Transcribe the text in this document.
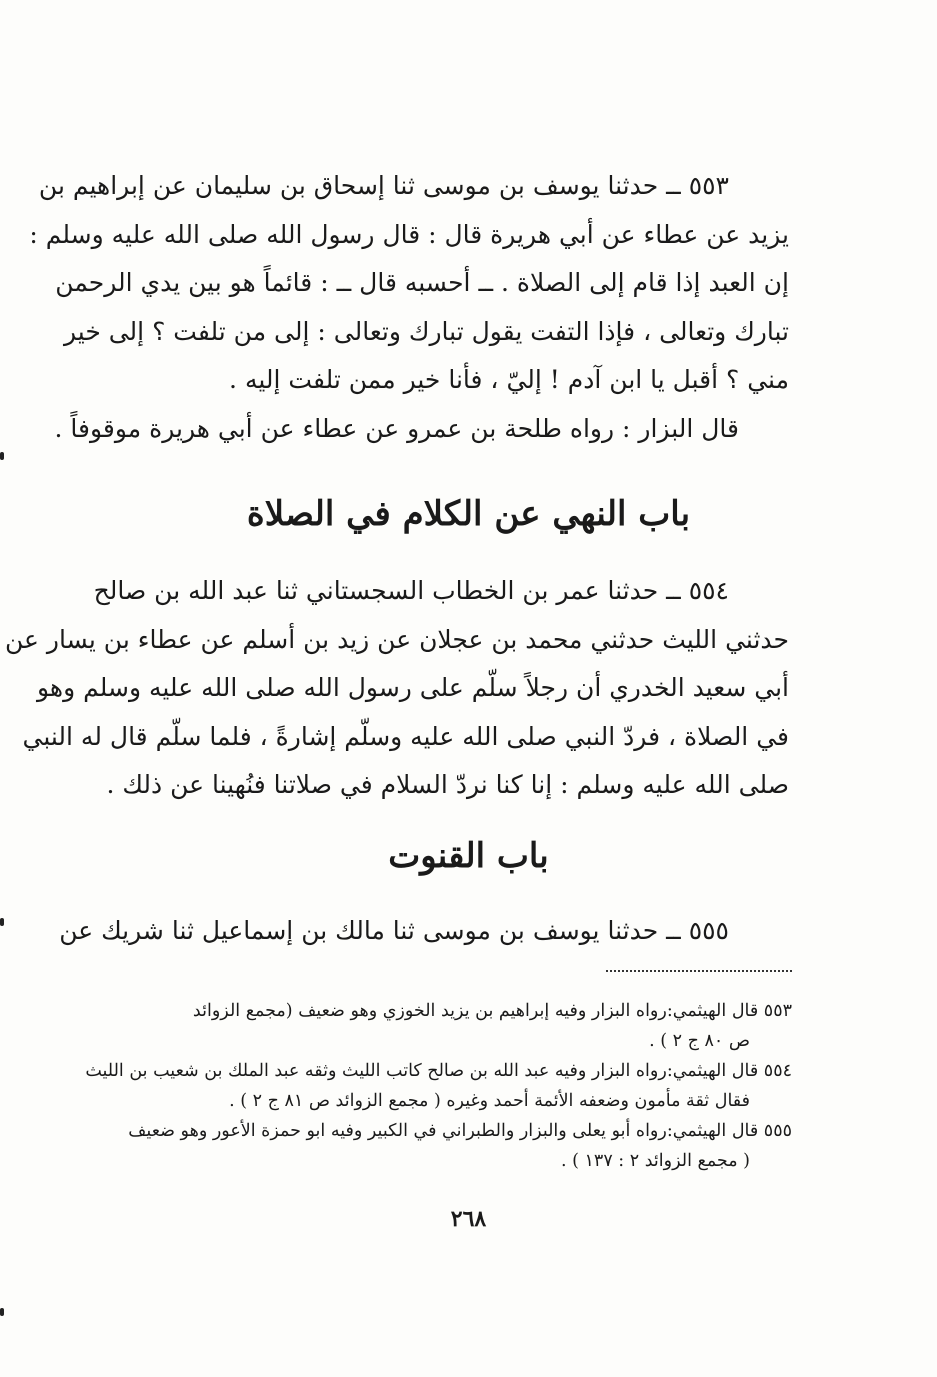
٥٥٣ ــ حدثنا يوسف بن موسى ثنا إسحاق بن سليمان عن إبراهيم بن
يزيد عن عطاء عن أبي هريرة قال : قال رسول الله صلى الله عليه وسلم :
إن العبد إذا قام إلى الصلاة . ــ أحسبه قال ــ : قائماً هو بين يدي الرحمن
تبارك وتعالى ، فإذا التفت يقول تبارك وتعالى : إلى من تلفت ؟ إلى خير
مني ؟ أقبل يا ابن آدم ! إليّ ، فأنا خير ممن تلفت إليه .
قال البزار : رواه طلحة بن عمرو عن عطاء عن أبي هريرة موقوفاً .
باب النهي عن الكلام في الصلاة
٥٥٤ ــ حدثنا عمر بن الخطاب السجستاني ثنا عبد الله بن صالح
حدثني الليث حدثني محمد بن عجلان عن زيد بن أسلم عن عطاء بن يسار عن
أبي سعيد الخدري أن رجلاً سلّم على رسول الله صلى الله عليه وسلم وهو
في الصلاة ، فردّ النبي صلى الله عليه وسلّم إشارةً ، فلما سلّم قال له النبي
صلى الله عليه وسلم : إنا كنا نردّ السلام في صلاتنا فنُهينا عن ذلك .
باب القنوت
٥٥٥ ــ حدثنا يوسف بن موسى ثنا مالك بن إسماعيل ثنا شريك عن
٥٥٣ قال الهيثمي:رواه البزار وفيه إبراهيم بن يزيد الخوزي وهو ضعيف (مجمع الزوائد
ص ٨٠ ج ٢ ) .
٥٥٤ قال الهيثمي:رواه البزار وفيه عبد الله بن صالح كاتب الليث وثقه عبد الملك بن شعيب بن الليث
فقال ثقة مأمون وضعفه الأئمة أحمد وغيره ( مجمع الزوائد ص ٨١ ج ٢ ) .
٥٥٥ قال الهيثمي:رواه أبو يعلى والبزار والطبراني في الكبير وفيه ابو حمزة الأعور وهو ضعيف
( مجمع الزوائد ٢ : ١٣٧ ) .
٢٦٨
